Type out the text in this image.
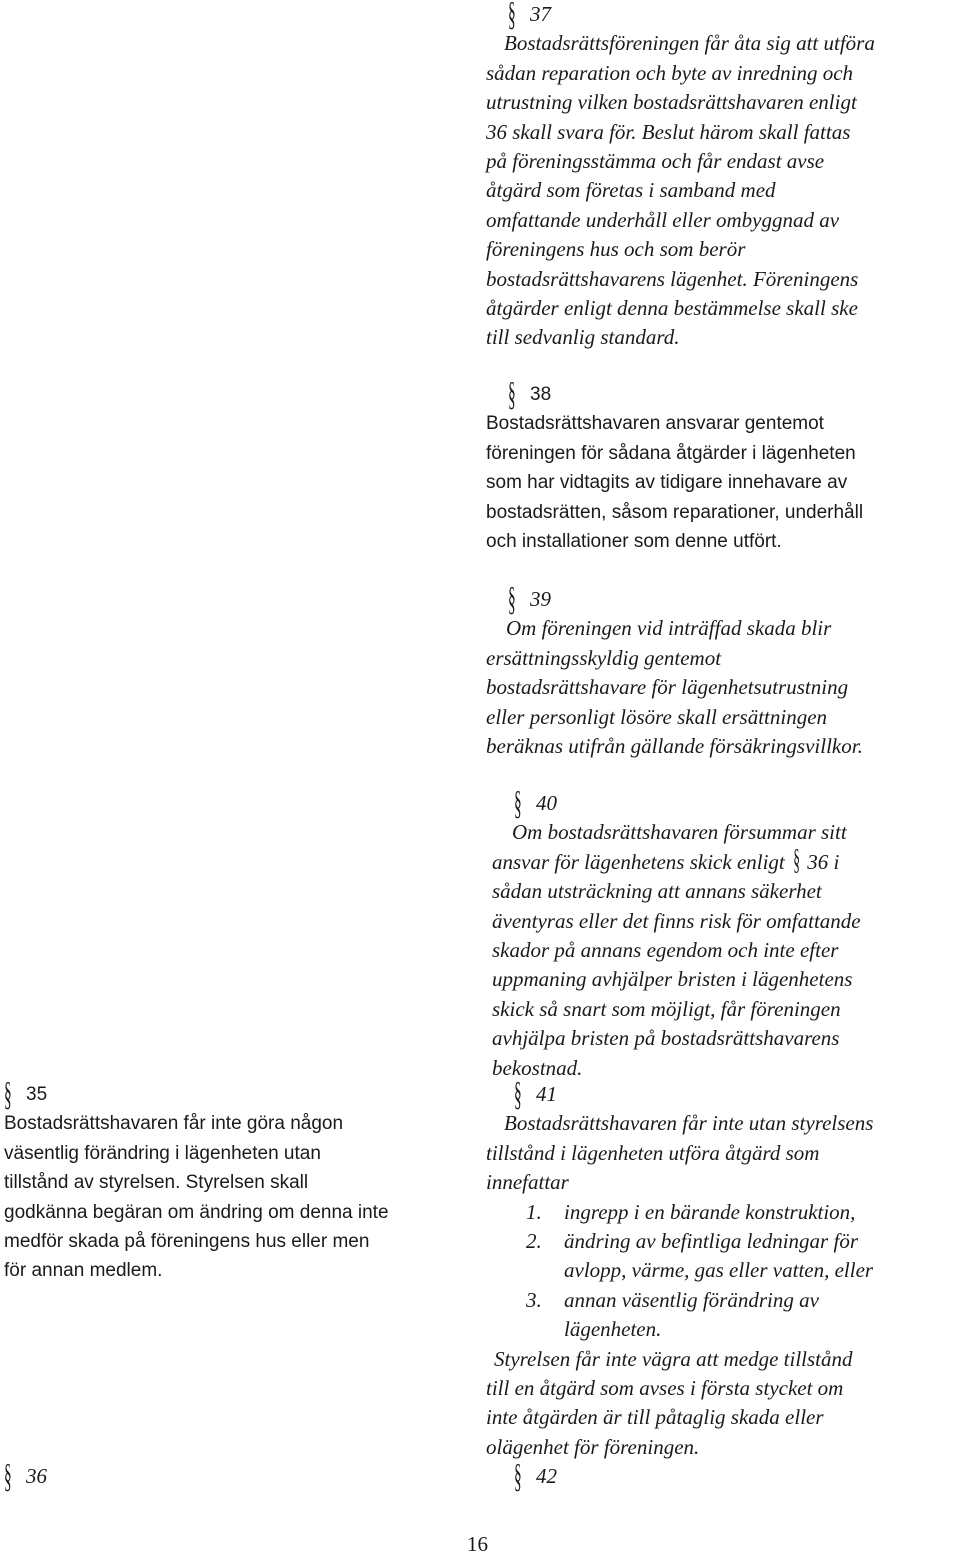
§ 37
Bostadsrättsföreningen får åta sig att utföra
sådan reparation och byte av inredning och
utrustning vilken bostadsrättshavaren enligt
36 skall svara för. Beslut härom skall fattas
på föreningsstämma och får endast avse
åtgärd som företas i samband med
omfattande underhåll eller ombyggnad av
föreningens hus och som berör
bostadsrättshavarens lägenhet. Föreningens
åtgärder enligt denna bestämmelse skall ske
till sedvanlig standard.
§ 38
Bostadsrättshavaren ansvarar gentemot
föreningen för sådana åtgärder i lägenheten
som har vidtagits av tidigare innehavare av
bostadsrätten, såsom reparationer, underhåll
och installationer som denne utfört.
§ 39
Om föreningen vid inträffad skada blir
ersättningsskyldig gentemot
bostadsrättshavare för lägenhetsutrustning
eller personligt lösöre skall ersättningen
beräknas utifrån gällande försäkringsvillkor.
§ 40
Om bostadsrättshavaren försummar sitt
ansvar för lägenhetens skick enligt § 36 i
sådan utsträckning att annans säkerhet
äventyras eller det finns risk för omfattande
skador på annans egendom och inte efter
uppmaning avhjälper bristen i lägenhetens
skick så snart som möjligt, får föreningen
avhjälpa bristen på bostadsrättshavarens
bekostnad.
§ 35
Bostadsrättshavaren får inte göra någon
väsentlig förändring i lägenheten utan
tillstånd av styrelsen. Styrelsen skall
godkänna begäran om ändring om denna inte
medför skada på föreningens hus eller men
för annan medlem.
§ 41
Bostadsrättshavaren får inte utan styrelsens
tillstånd i lägenheten utföra åtgärd som
innefattar
1. ingrepp i en bärande konstruktion,
2. ändring av befintliga ledningar för
avlopp, värme, gas eller vatten, eller
3. annan väsentlig förändring av
lägenheten.
Styrelsen får inte vägra att medge tillstånd
till en åtgärd som avses i första stycket om
inte åtgärden är till påtaglig skada eller
olägenhet för föreningen.
§ 36	§ 42
16
